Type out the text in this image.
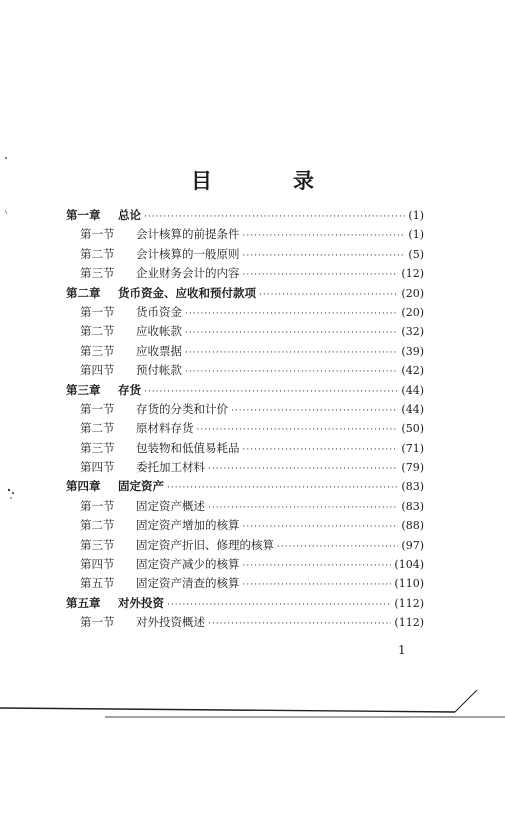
目　录
第一章	总论 ·····	(1)
第一节	会计核算的前提条件 ·····	(1)
第二节	会计核算的一般原则 ·····	(5)
第三节	企业财务会计的内容 ·····	(12)
第二章	货币资金、应收和预付款项 ·····	(20)
第一节	货币资金 ·····	(20)
第二节	应收帐款 ·····	(32)
第三节	应收票据 ·····	(39)
第四节	预付帐款 ·····	(42)
第三章	存货 ·····	(44)
第一节	存货的分类和计价 ·····	(44)
第二节	原材料存货 ·····	(50)
第三节	包装物和低值易耗品 ·····	(71)
第四节	委托加工材料 ·····	(79)
第四章	固定资产 ·····	(83)
第一节	固定资产概述 ·····	(83)
第二节	固定资产增加的核算 ·····	(88)
第三节	固定资产折旧、修理的核算 ·····	(97)
第四节	固定资产减少的核算 ·····	(104)
第五节	固定资产清查的核算 ·····	(110)
第五章	对外投资 ·····	(112)
第一节	对外投资概述 ·····	(112)
1
